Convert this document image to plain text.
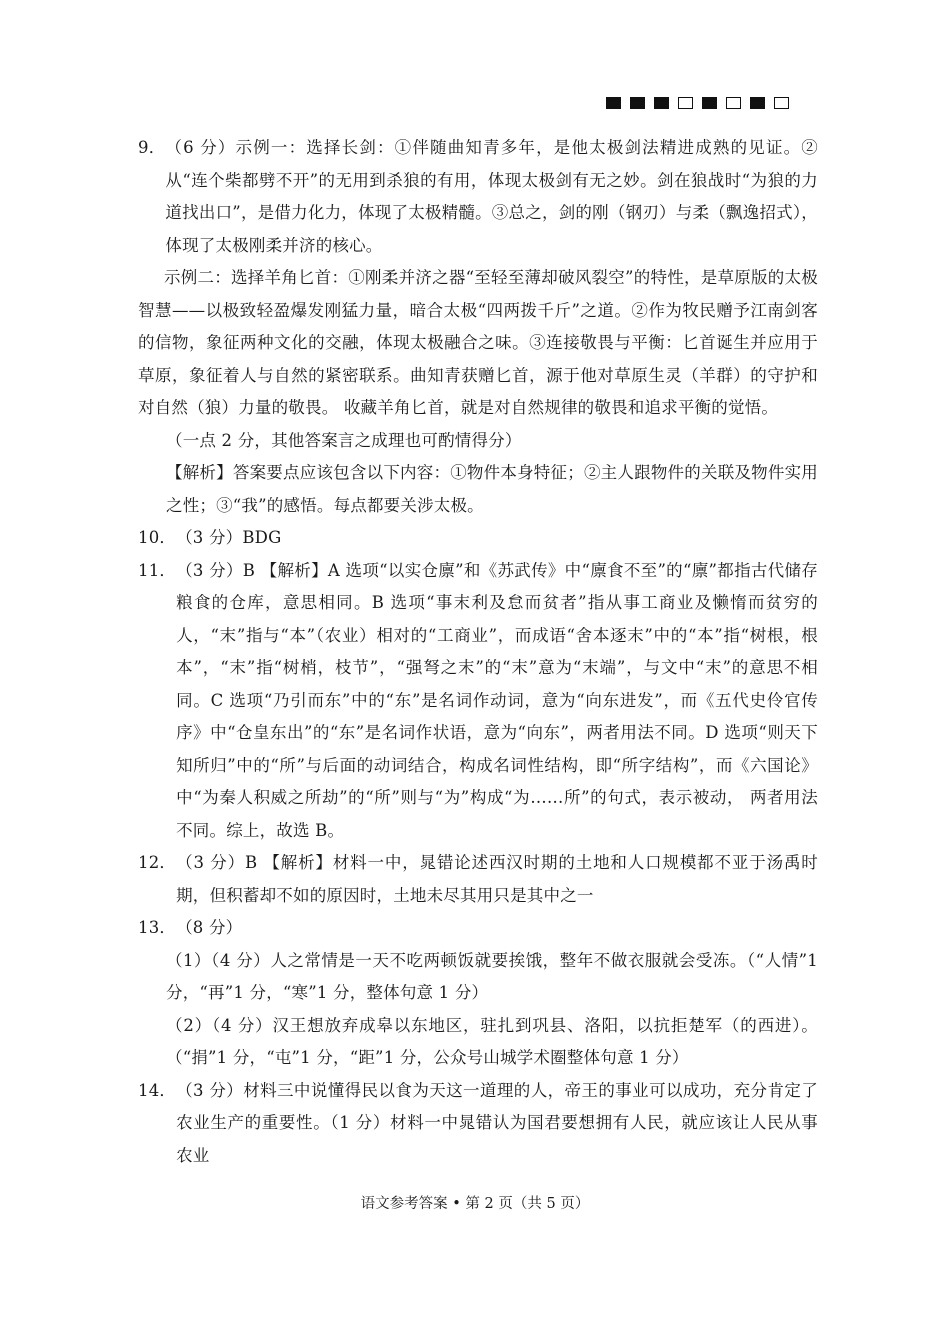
9． （6 分）示例一：选择长剑：①伴随曲知青多年，是他太极剑法精进成熟的见证。②从“连个柴都劈不开”的无用到杀狼的有用，体现太极剑有无之妙。剑在狼战时“为狼的力道找出口”，是借力化力，体现了太极精髓。③总之，剑的刚（钢刃）与柔（飘逸招式），体现了太极刚柔并济的核心。

示例二：选择羊角匕首：①刚柔并济之器“至轻至薄却破风裂空”的特性，是草原版的太极智慧——以极致轻盈爆发刚猛力量，暗合太极“四两拨千斤”之道。②作为牧民赠予江南剑客的信物，象征两种文化的交融，体现太极融合之味。③连接敬畏与平衡：匕首诞生并应用于草原，象征着人与自然的紧密联系。曲知青获赠匕首，源于他对草原生灵（羊群）的守护和对自然（狼）力量的敬畏。 收藏羊角匕首，就是对自然规律的敬畏和追求平衡的觉悟。

（一点 2 分，其他答案言之成理也可酌情得分）

【解析】答案要点应该包含以下内容：①物件本身特征；②主人跟物件的关联及物件实用之性；③“我”的感悟。每点都要关涉太极。

10． （3 分）BDG
11． （3 分）B 【解析】A 选项“以实仓廪”和《苏武传》中“廪食不至”的“廪”都指古代储存粮食的仓库，意思相同。B 选项“事末利及怠而贫者”指从事工商业及懒惰而贫穷的人，“末”指与“本”（农业）相对的“工商业”，而成语“舍本逐末”中的“本”指“树根，根本”，“末”指“树梢，枝节”，“强弩之末”的“末”意为“末端”，与文中“末”的意思不相同。C 选项“乃引而东”中的“东”是名词作动词，意为“向东进发”，而《五代史伶官传序》中“仓皇东出”的“东”是名词作状语，意为“向东”，两者用法不同。D 选项“则天下知所归”中的“所”与后面的动词结合，构成名词性结构，即“所字结构”，而《六国论》中“为秦人积威之所劫”的“所”则与“为”构成“为……所”的句式，表示被动， 两者用法不同。综上，故选 B。
12． （3 分）B 【解析】材料一中，晁错论述西汉时期的土地和人口规模都不亚于汤禹时期，但积蓄却不如的原因时，土地未尽其用只是其中之一
13． （8 分）

（1）（4 分）人之常情是一天不吃两顿饭就要挨饿，整年不做衣服就会受冻。（“人情”1 分，“再”1 分，“寒”1 分，整体句意 1 分）

（2）（4 分）汉王想放弃成皋以东地区，驻扎到巩县、洛阳，以抗拒楚军（的西进）。（“捐”1 分，“屯”1 分，“距”1 分，公众号山城学术圈整体句意 1 分）

14． （3 分）材料三中说懂得民以食为天这一道理的人，帝王的事业可以成功，充分肯定了农业生产的重要性。（1 分）材料一中晁错认为国君要想拥有人民，就应该让人民从事农业
语文参考答案 • 第 2 页（共 5 页）
